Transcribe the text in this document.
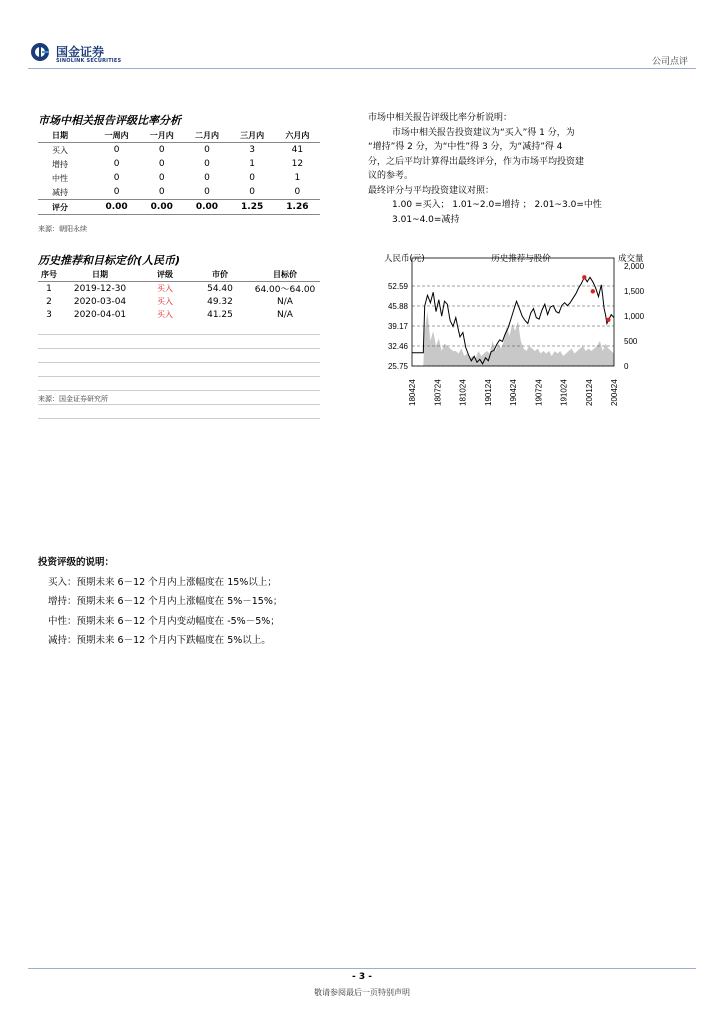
国金证券
SINOLINK SECURITIES	公司点评
市场中相关报告评级比率分析
日期	一周内	一月内	二月内	三月内	六月内
买入	0	0	0	3	41
增持	0	0	0	1	12
中性	0	0	0	0	1
减持	0	0	0	0	0
评分	0.00	0.00	0.00	1.25	1.26
来源：朝阳永续
历史推荐和目标定价(人民币)
序号	日期	评级	市价	目标价
1	2019-12-30	买入	54.40	64.00～64.00
2	2020-03-04	买入	49.32	N/A
3	2020-04-01	买入	41.25	N/A

来源：国金证券研究所
市场中相关报告评级比率分析说明：
市场中相关报告投资建议为“买入”得 1 分，为
“增持”得 2 分，为“中性”得 3 分，为“减持”得 4
分，之后平均计算得出最终评分，作为市场平均投资建
议的参考。
最终评分与平均投资建议对照：
1.00 =买入； 1.01~2.0=增持 ； 2.01~3.0=中性
3.01~4.0=减持
52.59
45.88
39.17
32.46
25.75
2,000
1,500
1,000
500
0
180424 180724 181024 190124 190424 190724 191024 200124 200424
人民币(元)	成交量
历史推荐与股价
投资评级的说明：
买入：预期未来 6－12 个月内上涨幅度在 15%以上；
增持：预期未来 6－12 个月内上涨幅度在 5%－15%；
中性：预期未来 6－12 个月内变动幅度在 -5%－5%；
减持：预期未来 6－12 个月内下跌幅度在 5%以上。
- 3 -
敬请参阅最后一页特别声明
